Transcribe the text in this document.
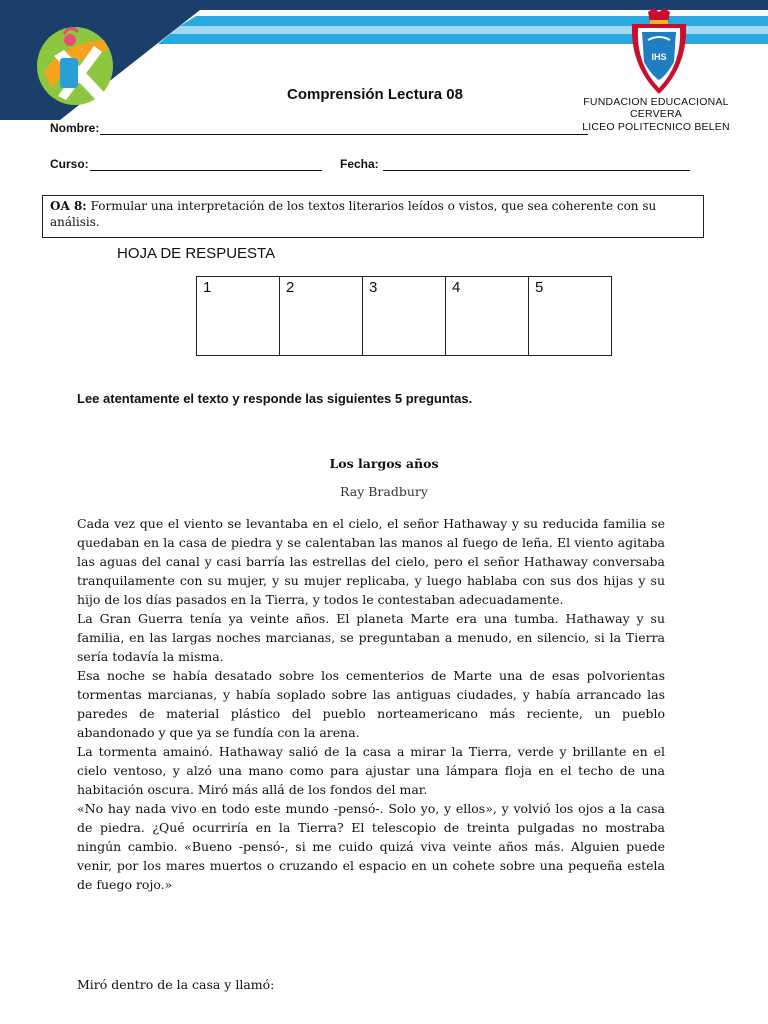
IHS
Comprensión Lectura 08	FUNDACION EDUCACIONAL CERVERA
LICEO POLITECNICO BELEN
Nombre:
Curso:	Fecha:
OA 8: Formular una interpretación de los textos literarios leídos o vistos, que sea coherente con su análisis.
HOJA DE RESPUESTA
1	2	3	4	5
Lee atentamente el texto y responde las siguientes 5 preguntas.
Los largos años
Ray Bradbury

Cada vez que el viento se levantaba en el cielo, el señor Hathaway y su reducida familia se quedaban en la casa de piedra y se calentaban las manos al fuego de leña. El viento agitaba las aguas del canal y casi barría las estrellas del cielo, pero el señor Hathaway conversaba tranquilamente con su mujer, y su mujer replicaba, y luego hablaba con sus dos hijas y su hijo de los días pasados en la Tierra, y todos le contestaban adecuadamente.

La Gran Guerra tenía ya veinte años. El planeta Marte era una tumba. Hathaway y su familia, en las largas noches marcianas, se preguntaban a menudo, en silencio, si la Tierra sería todavía la misma.

Esa noche se había desatado sobre los cementerios de Marte una de esas polvorientas tormentas marcianas, y había soplado sobre las antiguas ciudades, y había arrancado las paredes de material plástico del pueblo norteamericano más reciente, un pueblo abandonado y que ya se fundía con la arena.

La tormenta amainó. Hathaway salió de la casa a mirar la Tierra, verde y brillante en el cielo ventoso, y alzó una mano como para ajustar una lámpara floja en el techo de una habitación oscura. Miró más allá de los fondos del mar.

«No hay nada vivo en todo este mundo -pensó-. Solo yo, y ellos», y volvió los ojos a la casa de piedra. ¿Qué ocurriría en la Tierra? El telescopio de treinta pulgadas no mostraba ningún cambio. «Bueno -pensó-, si me cuido quizá viva veinte años más. Alguien puede venir, por los mares muertos o cruzando el espacio en un cohete sobre una pequeña estela de fuego rojo.»

Miró dentro de la casa y llamó:
